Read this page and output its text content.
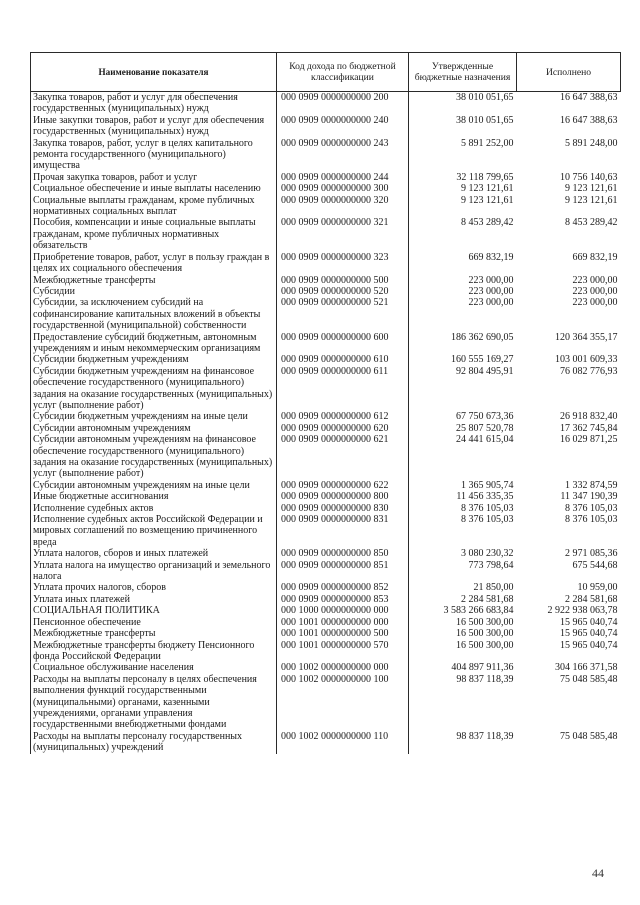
Наименование показателя	Код дохода по бюджетной классификации	Утвержденные бюджетные назначения	Исполнено
Закупка товаров, работ и услуг для обеспечения государственных (муниципальных) нужд	000 0909 0000000000 200	38 010 051,65	16 647 388,63
Иные закупки товаров, работ и услуг для обеспечения государственных (муниципальных) нужд	000 0909 0000000000 240	38 010 051,65	16 647 388,63
Закупка товаров, работ, услуг в целях капитального ремонта государственного (муниципального) имущества	000 0909 0000000000 243	5 891 252,00	5 891 248,00
Прочая закупка товаров, работ и услуг	000 0909 0000000000 244	32 118 799,65	10 756 140,63
Социальное обеспечение и иные выплаты населению	000 0909 0000000000 300	9 123 121,61	9 123 121,61
Социальные выплаты гражданам, кроме публичных нормативных социальных выплат	000 0909 0000000000 320	9 123 121,61	9 123 121,61
Пособия, компенсации и иные социальные выплаты гражданам, кроме публичных нормативных обязательств	000 0909 0000000000 321	8 453 289,42	8 453 289,42
Приобретение товаров, работ, услуг в пользу граждан в целях их социального обеспечения	000 0909 0000000000 323	669 832,19	669 832,19
Межбюджетные трансферты	000 0909 0000000000 500	223 000,00	223 000,00
Субсидии	000 0909 0000000000 520	223 000,00	223 000,00
Субсидии, за исключением субсидий на софинансирование капитальных вложений в объекты государственной (муниципальной) собственности	000 0909 0000000000 521	223 000,00	223 000,00
Предоставление субсидий бюджетным, автономным учреждениям и иным некоммерческим организациям	000 0909 0000000000 600	186 362 690,05	120 364 355,17
Субсидии бюджетным учреждениям	000 0909 0000000000 610	160 555 169,27	103 001 609,33
Субсидии бюджетным учреждениям на финансовое обеспечение государственного (муниципального) задания на оказание государственных (муниципальных) услуг (выполнение работ)	000 0909 0000000000 611	92 804 495,91	76 082 776,93
Субсидии бюджетным учреждениям на иные цели	000 0909 0000000000 612	67 750 673,36	26 918 832,40
Субсидии автономным учреждениям	000 0909 0000000000 620	25 807 520,78	17 362 745,84
Субсидии автономным учреждениям на финансовое обеспечение государственного (муниципального) задания на оказание государственных (муниципальных) услуг (выполнение работ)	000 0909 0000000000 621	24 441 615,04	16 029 871,25
Субсидии автономным учреждениям на иные цели	000 0909 0000000000 622	1 365 905,74	1 332 874,59
Иные бюджетные ассигнования	000 0909 0000000000 800	11 456 335,35	11 347 190,39
Исполнение судебных актов	000 0909 0000000000 830	8 376 105,03	8 376 105,03
Исполнение судебных актов Российской Федерации и мировых соглашений по возмещению причиненного вреда	000 0909 0000000000 831	8 376 105,03	8 376 105,03
Уплата налогов, сборов и иных платежей	000 0909 0000000000 850	3 080 230,32	2 971 085,36
Уплата налога на имущество организаций и земельного налога	000 0909 0000000000 851	773 798,64	675 544,68
Уплата прочих налогов, сборов	000 0909 0000000000 852	21 850,00	10 959,00
Уплата иных платежей	000 0909 0000000000 853	2 284 581,68	2 284 581,68
СОЦИАЛЬНАЯ ПОЛИТИКА	000 1000 0000000000 000	3 583 266 683,84	2 922 938 063,78
Пенсионное обеспечение	000 1001 0000000000 000	16 500 300,00	15 965 040,74
Межбюджетные трансферты	000 1001 0000000000 500	16 500 300,00	15 965 040,74
Межбюджетные трансферты бюджету Пенсионного фонда Российской Федерации	000 1001 0000000000 570	16 500 300,00	15 965 040,74
Социальное обслуживание населения	000 1002 0000000000 000	404 897 911,36	304 166 371,58
Расходы на выплаты персоналу в целях обеспечения выполнения функций государственными (муниципальными) органами, казенными учреждениями, органами управления государственными внебюджетными фондами	000 1002 0000000000 100	98 837 118,39	75 048 585,48
Расходы на выплаты персоналу государственных (муниципальных) учреждений	000 1002 0000000000 110	98 837 118,39	75 048 585,48
44
